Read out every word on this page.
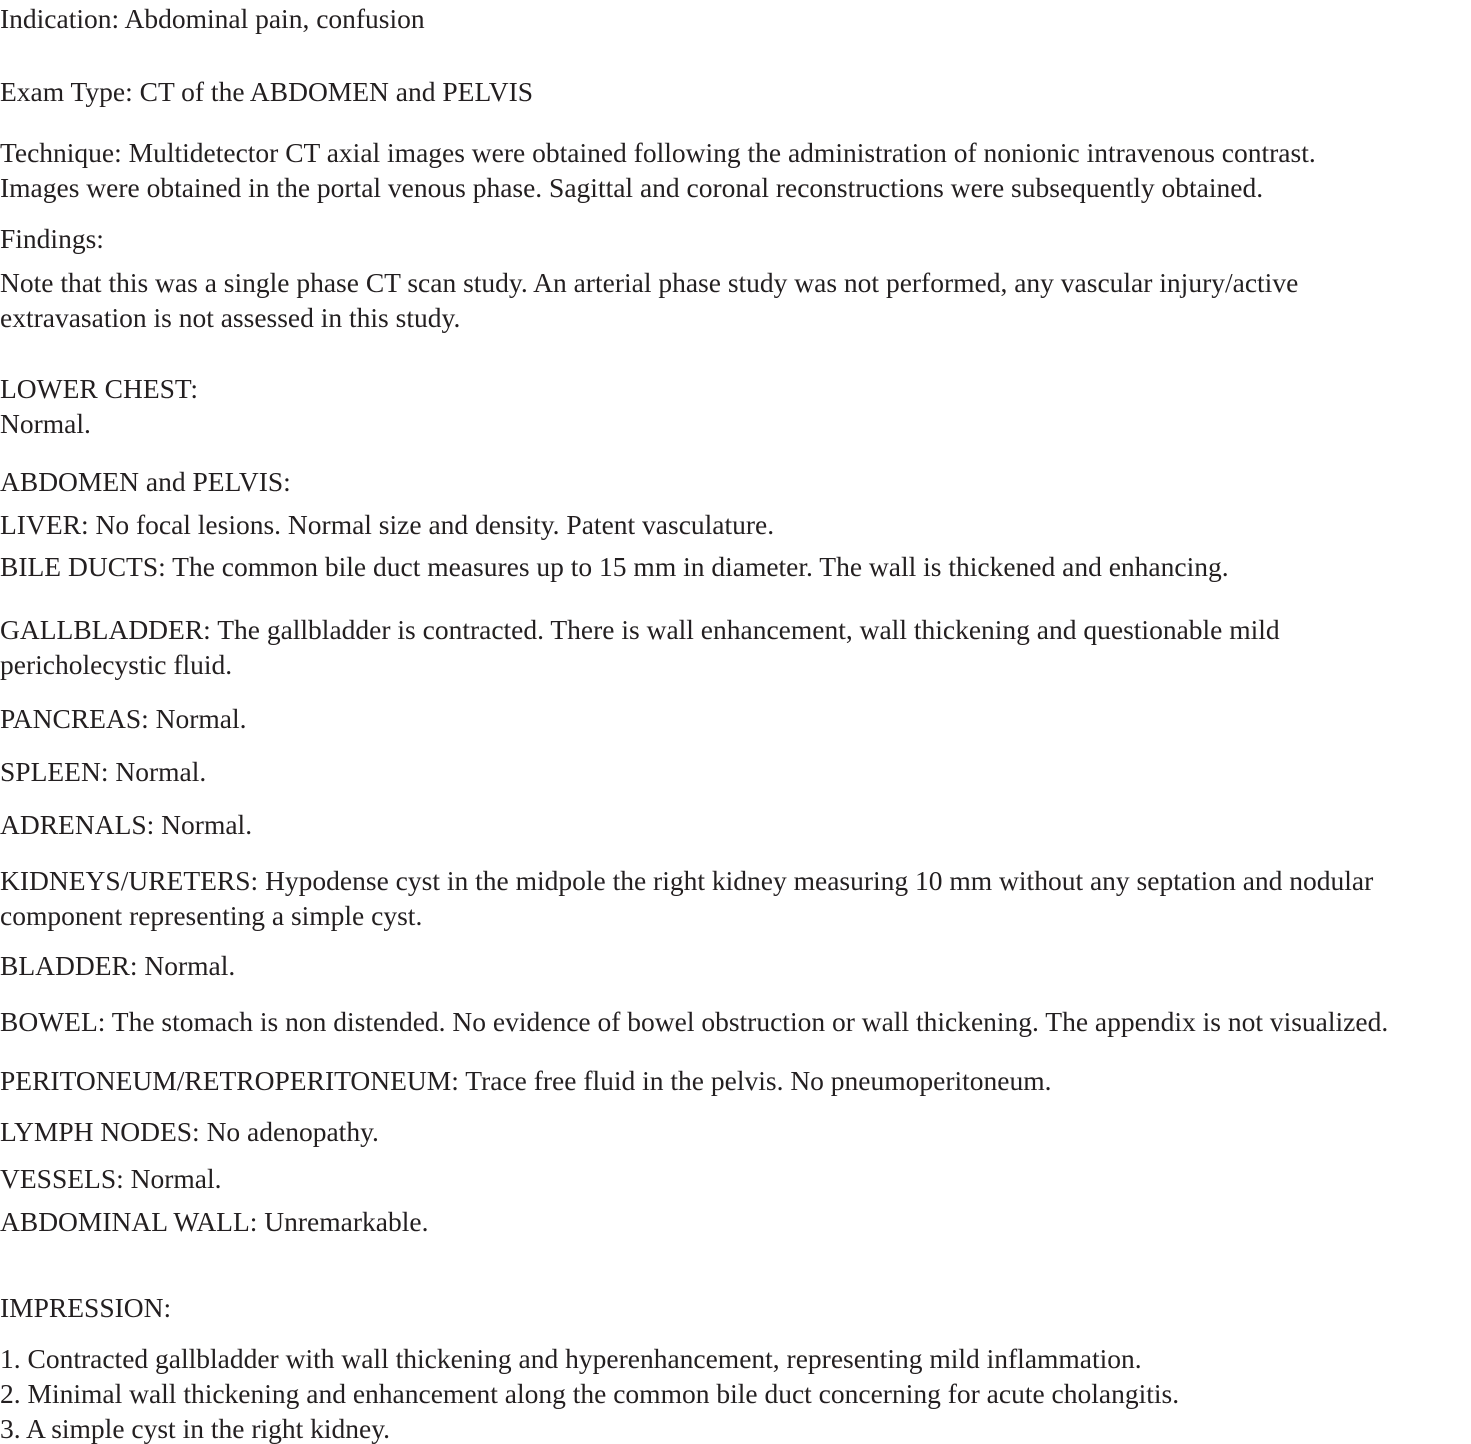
Indication: Abdominal pain, confusion

Exam Type: CT of the ABDOMEN and PELVIS

Technique: Multidetector CT axial images were obtained following the administration of nonionic intravenous contrast.

Images were obtained in the portal venous phase. Sagittal and coronal reconstructions were subsequently obtained.

Findings:

Note that this was a single phase CT scan study. An arterial phase study was not performed, any vascular injury/active

extravasation is not assessed in this study.

LOWER CHEST:

Normal.

ABDOMEN and PELVIS:

LIVER: No focal lesions. Normal size and density. Patent vasculature.

BILE DUCTS: The common bile duct measures up to 15 mm in diameter. The wall is thickened and enhancing.

GALLBLADDER: The gallbladder is contracted. There is wall enhancement, wall thickening and questionable mild

pericholecystic fluid.

PANCREAS: Normal.

SPLEEN: Normal.

ADRENALS: Normal.

KIDNEYS/URETERS: Hypodense cyst in the midpole the right kidney measuring 10 mm without any septation and nodular

component representing a simple cyst.

BLADDER: Normal.

BOWEL: The stomach is non distended. No evidence of bowel obstruction or wall thickening. The appendix is not visualized.

PERITONEUM/RETROPERITONEUM: Trace free fluid in the pelvis. No pneumoperitoneum.

LYMPH NODES: No adenopathy.

VESSELS: Normal.

ABDOMINAL WALL: Unremarkable.

IMPRESSION:

1. Contracted gallbladder with wall thickening and hyperenhancement, representing mild inflammation.

2. Minimal wall thickening and enhancement along the common bile duct concerning for acute cholangitis.

3. A simple cyst in the right kidney.
